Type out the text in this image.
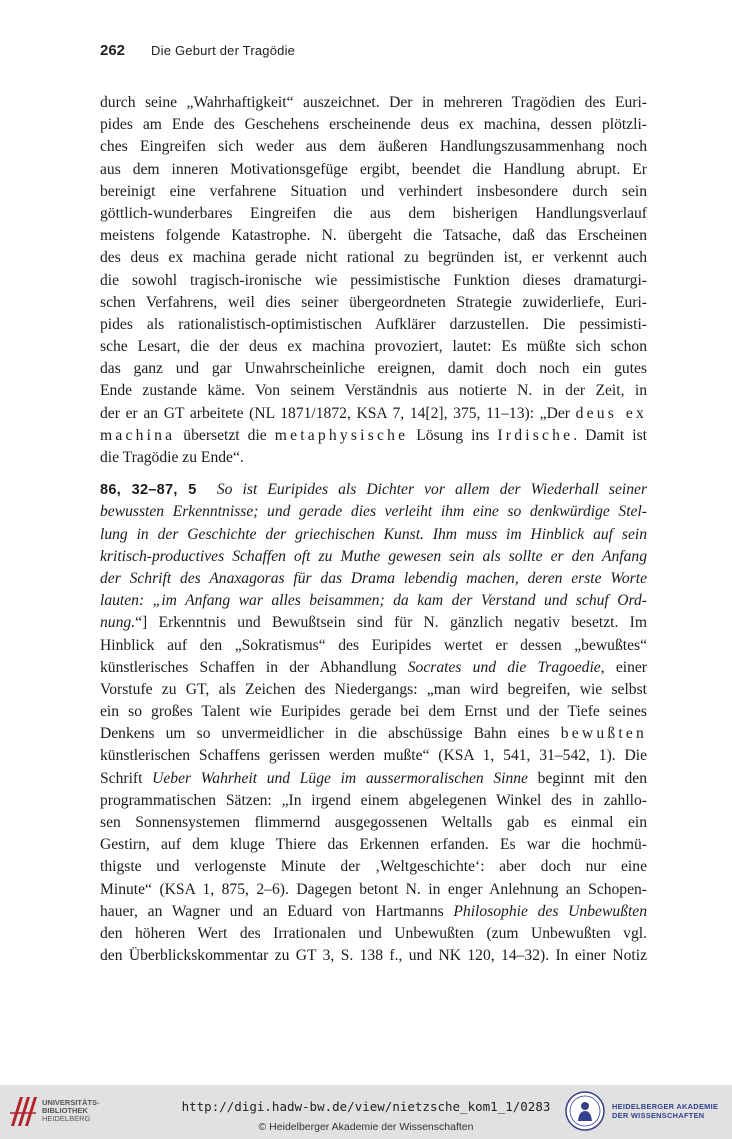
262 Die Geburt der Tragödie
durch seine „Wahrhaftigkeit“ auszeichnet. Der in mehreren Tragödien des Euri-
pides am Ende des Geschehens erscheinende deus ex machina, dessen plötzli-
ches Eingreifen sich weder aus dem äußeren Handlungszusammenhang noch
aus dem inneren Motivationsgefüge ergibt, beendet die Handlung abrupt. Er
bereinigt eine verfahrene Situation und verhindert insbesondere durch sein
göttlich-wunderbares Eingreifen die aus dem bisherigen Handlungsverlauf
meistens folgende Katastrophe. N. übergeht die Tatsache, daß das Erscheinen
des deus ex machina gerade nicht rational zu begründen ist, er verkennt auch
die sowohl tragisch-ironische wie pessimistische Funktion dieses dramaturgi-
schen Verfahrens, weil dies seiner übergeordneten Strategie zuwiderliefe, Euri-
pides als rationalistisch-optimistischen Aufklärer darzustellen. Die pessimisti-
sche Lesart, die der deus ex machina provoziert, lautet: Es müßte sich schon
das ganz und gar Unwahrscheinliche ereignen, damit doch noch ein gutes
Ende zustande käme. Von seinem Verständnis aus notierte N. in der Zeit, in
der er an GT arbeitete (NL 1871/1872, KSA 7, 14[2], 375, 11–13): „Der deus ex
machina übersetzt die metaphysische Lösung ins Irdische. Damit ist
die Tragödie zu Ende“.
86, 32–87, 5 So ist Euripides als Dichter vor allem der Wiederhall seiner
bewussten Erkenntnisse; und gerade dies verleiht ihm eine so denkwürdige Stel-
lung in der Geschichte der griechischen Kunst. Ihm muss im Hinblick auf sein
kritisch-productives Schaffen oft zu Muthe gewesen sein als sollte er den Anfang
der Schrift des Anaxagoras für das Drama lebendig machen, deren erste Worte
lauten: „im Anfang war alles beisammen; da kam der Verstand und schuf Ord-
nung.“] Erkenntnis und Bewußtsein sind für N. gänzlich negativ besetzt. Im
Hinblick auf den „Sokratismus“ des Euripides wertet er dessen „bewußtes“
künstlerisches Schaffen in der Abhandlung Socrates und die Tragoedie, einer
Vorstufe zu GT, als Zeichen des Niedergangs: „man wird begreifen, wie selbst
ein so großes Talent wie Euripides gerade bei dem Ernst und der Tiefe seines
Denkens um so unvermeidlicher in die abschüssige Bahn eines bewußten
künstlerischen Schaffens gerissen werden mußte“ (KSA 1, 541, 31–542, 1). Die
Schrift Ueber Wahrheit und Lüge im aussermoralischen Sinne beginnt mit den
programmatischen Sätzen: „In irgend einem abgelegenen Winkel des in zahllo-
sen Sonnensystemen flimmernd ausgegossenen Weltalls gab es einmal ein
Gestirn, auf dem kluge Thiere das Erkennen erfanden. Es war die hochmü-
thigste und verlogenste Minute der ‚Weltgeschichte‘: aber doch nur eine
Minute“ (KSA 1, 875, 2–6). Dagegen betont N. in enger Anlehnung an Schopen-
hauer, an Wagner und an Eduard von Hartmanns Philosophie des Unbewußten
den höheren Wert des Irrationalen und Unbewußten (zum Unbewußten vgl.
den Überblickskommentar zu GT 3, S. 138 f., und NK 120, 14–32). In einer Notiz
UNIVERSITÄTS-
BIBLIOTHEK
HEIDELBERG
http://digi.hadw-bw.de/view/nietzsche_kom1_1/0283
© Heidelberger Akademie der Wissenschaften
HEIDELBERGER AKADEMIE
DER WISSENSCHAFTEN
